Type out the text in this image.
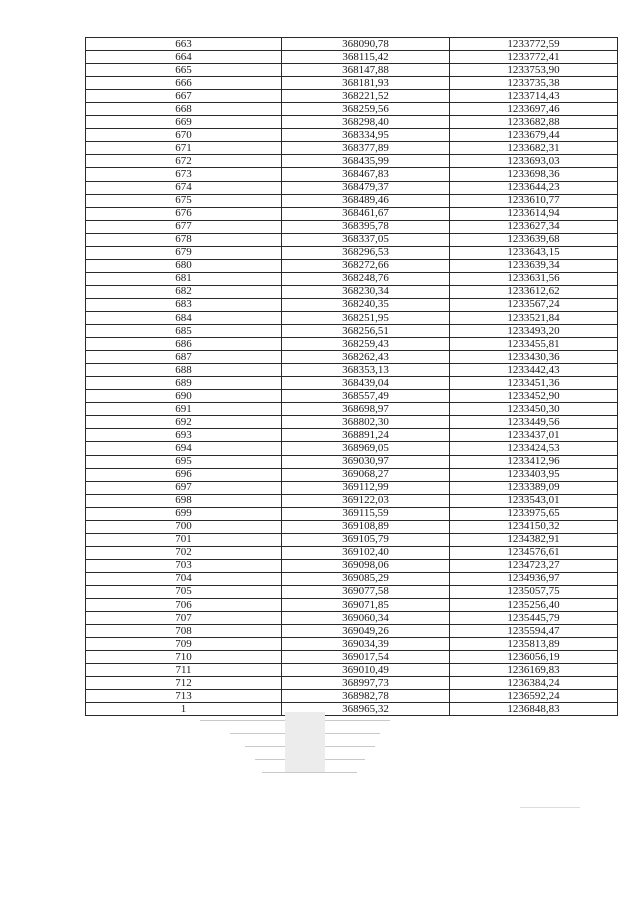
663	368090,78	1233772,59
664	368115,42	1233772,41
665	368147,88	1233753,90
666	368181,93	1233735,38
667	368221,52	1233714,43
668	368259,56	1233697,46
669	368298,40	1233682,88
670	368334,95	1233679,44
671	368377,89	1233682,31
672	368435,99	1233693,03
673	368467,83	1233698,36
674	368479,37	1233644,23
675	368489,46	1233610,77
676	368461,67	1233614,94
677	368395,78	1233627,34
678	368337,05	1233639,68
679	368296,53	1233643,15
680	368272,66	1233639,34
681	368248,76	1233631,56
682	368230,34	1233612,62
683	368240,35	1233567,24
684	368251,95	1233521,84
685	368256,51	1233493,20
686	368259,43	1233455,81
687	368262,43	1233430,36
688	368353,13	1233442,43
689	368439,04	1233451,36
690	368557,49	1233452,90
691	368698,97	1233450,30
692	368802,30	1233449,56
693	368891,24	1233437,01
694	368969,05	1233424,53
695	369030,97	1233412,96
696	369068,27	1233403,95
697	369112,99	1233389,09
698	369122,03	1233543,01
699	369115,59	1233975,65
700	369108,89	1234150,32
701	369105,79	1234382,91
702	369102,40	1234576,61
703	369098,06	1234723,27
704	369085,29	1234936,97
705	369077,58	1235057,75
706	369071,85	1235256,40
707	369060,34	1235445,79
708	369049,26	1235594,47
709	369034,39	1235813,89
710	369017,54	1236056,19
711	369010,49	1236169,83
712	368997,73	1236384,24
713	368982,78	1236592,24
1	368965,32	1236848,83
